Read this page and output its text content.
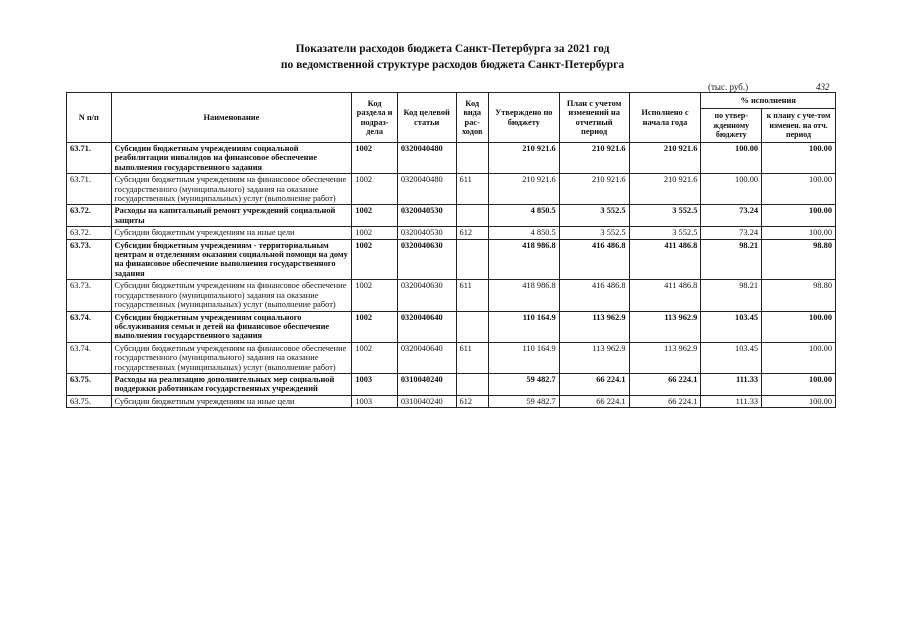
Показатели расходов бюджета Санкт-Петербурга за 2021 год
по ведомственной структуре расходов бюджета Санкт-Петербурга
(тыс. руб.)	432
N п/п	Наименование	Код раздела и подраз-дела	Код целевой статьи	Код вида рас-ходов	Утверждено по бюджету	План с учетом изменений на отчетный период	Исполнено с начала года	% исполнения	
								по утвер-жденному бюджету	к плану с уче-том изменен. на отч. период
63.71.	Субсидии бюджетным учреждениям социальной реабилитации инвалидов на финансовое обеспечение выполнения государственного задания	1002	0320040480		210 921.6	210 921.6	210 921.6	100.00	100.00
63.71.	Субсидии бюджетным учреждениям на финансовое обеспечение государственного (муниципального) задания на оказание государственных (муниципальных) услуг (выполнение работ)	1002	0320040480	611	210 921.6	210 921.6	210 921.6	100.00	100.00
63.72.	Расходы на капитальный ремонт учреждений социальной защиты	1002	0320040530		4 850.5	3 552.5	3 552.5	73.24	100.00
63.72.	Субсидии бюджетным учреждениям на иные цели	1002	0320040530	612	4 850.5	3 552.5	3 552.5	73.24	100.00
63.73.	Субсидии бюджетным учреждениям - территориальным центрам и отделениям оказания социальной помощи на дому на финансовое обеспечение выполнения государственного задания	1002	0320040630		418 986.8	416 486.8	411 486.8	98.21	98.80
63.73.	Субсидии бюджетным учреждениям на финансовое обеспечение государственного (муниципального) задания на оказание государственных (муниципальных) услуг (выполнение работ)	1002	0320040630	611	418 986.8	416 486.8	411 486.8	98.21	98.80
63.74.	Субсидии бюджетным учреждениям социального обслуживания семьи и детей на финансовое обеспечение выполнения государственного задания	1002	0320040640		110 164.9	113 962.9	113 962.9	103.45	100.00
63.74.	Субсидии бюджетным учреждениям на финансовое обеспечение государственного (муниципального) задания на оказание государственных (муниципальных) услуг (выполнение работ)	1002	0320040640	611	110 164.9	113 962.9	113 962.9	103.45	100.00
63.75.	Расходы на реализацию дополнительных мер социальной поддержки работникам государственных учреждений	1003	0310040240		59 482.7	66 224.1	66 224.1	111.33	100.00
63.75.	Субсидии бюджетным учреждениям на иные цели	1003	0310040240	612	59 482.7	66 224.1	66 224.1	111.33	100.00
